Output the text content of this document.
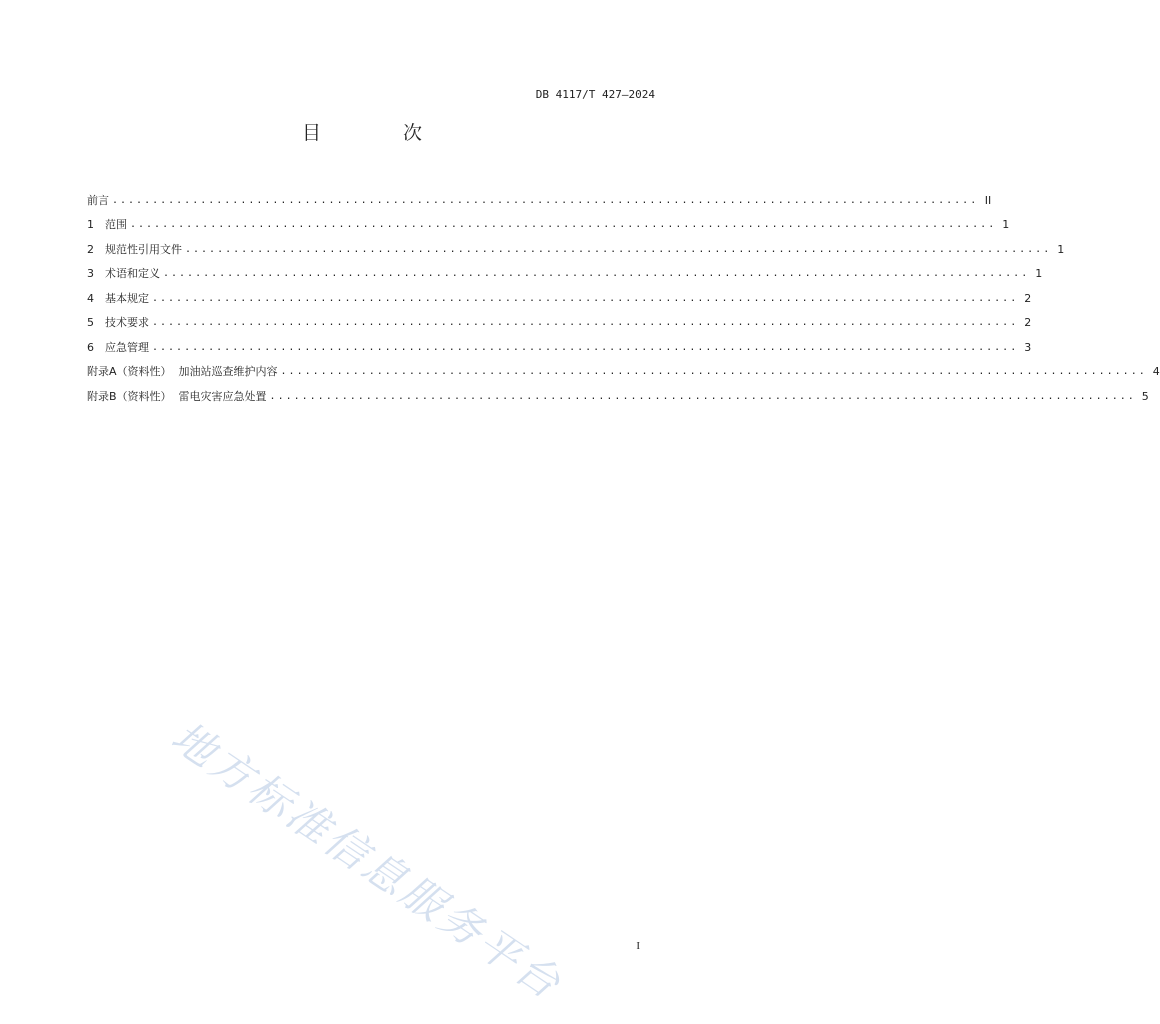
DB 4117/T 427—2024
目 次
前言 ............................................................................................................ II
1	范围 ............................................................................................................ 1
2	规范性引用文件 ............................................................................................................ 1
3	术语和定义 ............................................................................................................ 1
4	基本规定 ............................................................................................................ 2
5	技术要求 ............................................................................................................ 2
6	应急管理 ............................................................................................................ 3
附录A（资料性）  加油站巡查维护内容 ............................................................................................................ 4
附录B（资料性）  雷电灾害应急处置 ............................................................................................................ 5
地方标准信息服务平台	I
